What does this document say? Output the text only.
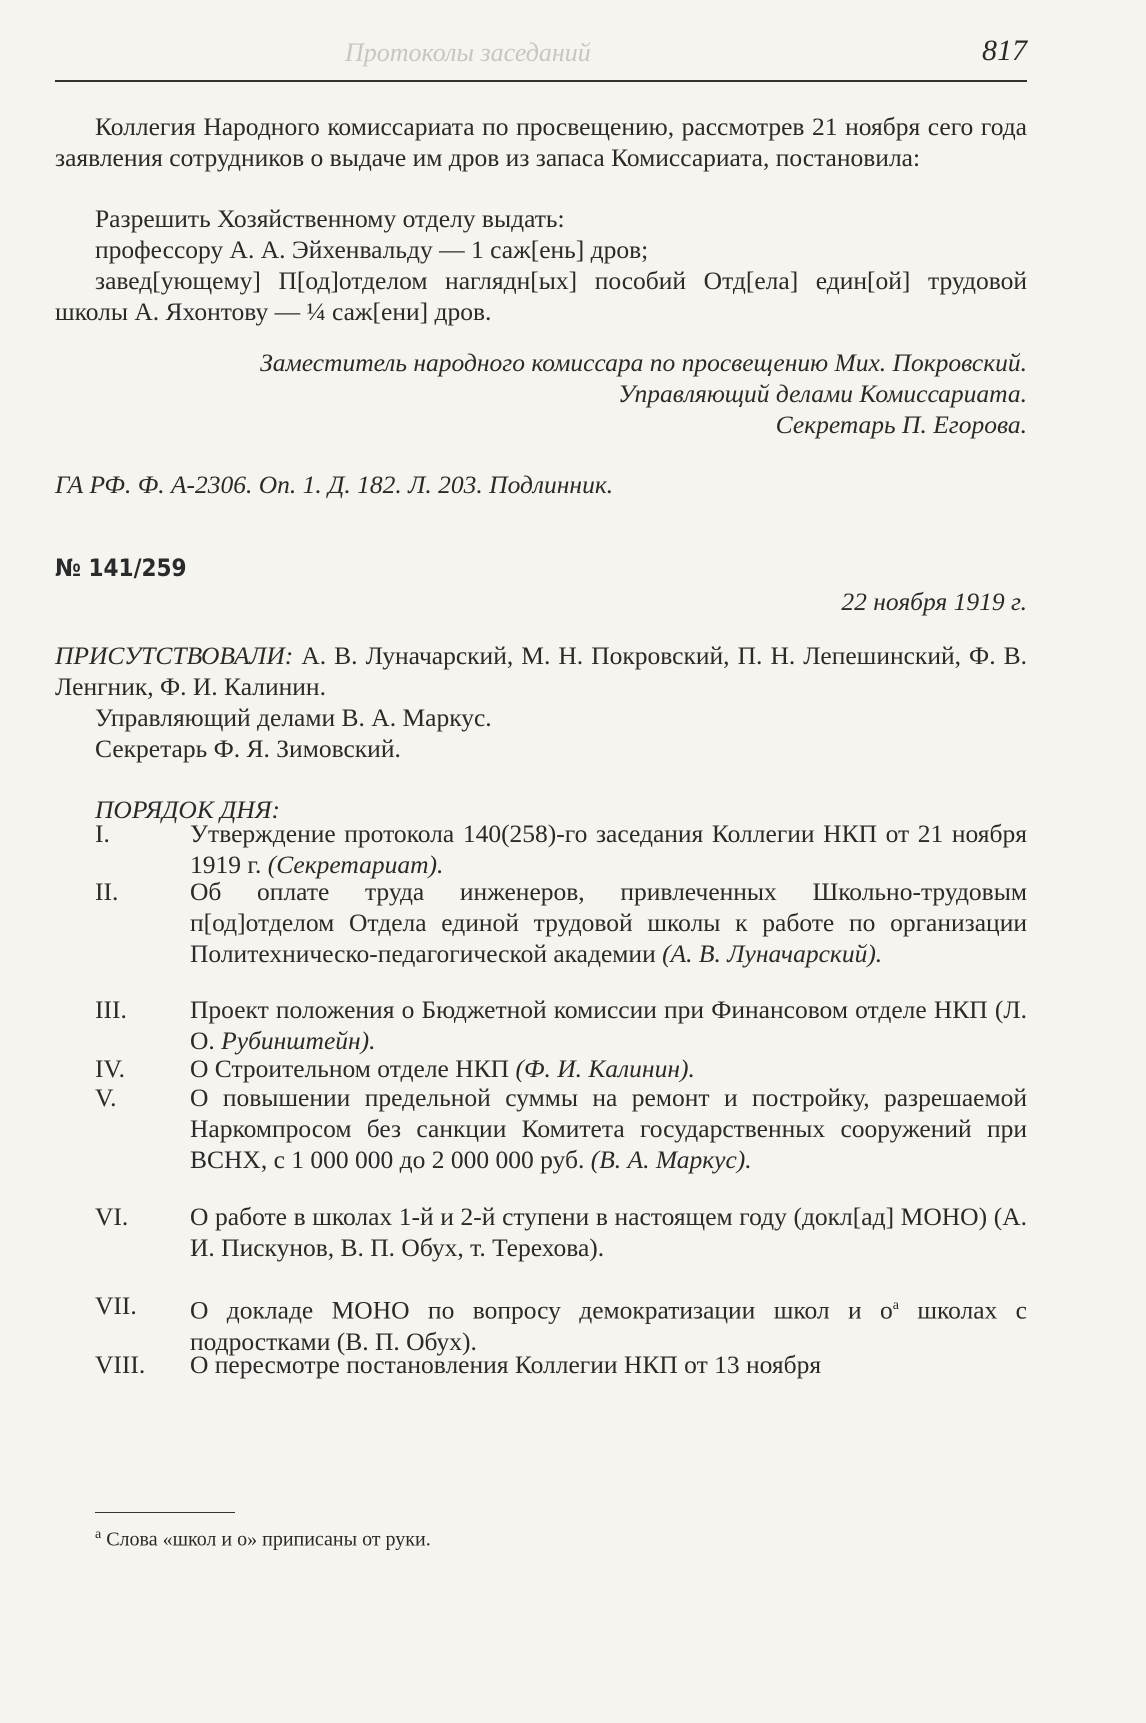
Протоколы заседаний	817

Коллегия Народного комиссариата по просвещению, рассмотрев 21 ноября сего года заявления сотрудников о выдаче им дров из запаса Комиссариата, постановила:

Разрешить Хозяйственному отделу выдать:
профессору А. А. Эйхенвальду — 1 саж[ень] дров;

завед[ующему] П[од]отделом наглядн[ых] пособий Отд[ела] един[ой] трудовой школы А. Яхонтову — ¼ саж[ени] дров.

Заместитель народного комиссара по просвещению Мих. Покровский.
Управляющий делами Комиссариата.
Секретарь П. Егорова.
ГА РФ. Ф. А-2306. Оп. 1. Д. 182. Л. 203. Подлинник.
№ 141/259
22 ноября 1919 г.

ПРИСУТСТВОВАЛИ: А. В. Луначарский, М. Н. Покровский, П. Н. Лепешинский, Ф. В. Ленгник, Ф. И. Калинин.

Управляющий делами В. А. Маркус.
Секретарь Ф. Я. Зимовский.
ПОРЯДОК ДНЯ:
I.	Утверждение протокола 140(258)-го заседания Коллегии НКП от 21 ноября 1919 г. (Секретариат).
II.	Об оплате труда инженеров, привлеченных Школьно-трудовым п[од]отделом Отдела единой трудовой школы к работе по организации Политехническо-педагогической академии (А. В. Луначарский).
III.	Проект положения о Бюджетной комиссии при Финансовом отделе НКП (Л. О. Рубинштейн).
IV.	О Строительном отделе НКП (Ф. И. Калинин).
V.	О повышении предельной суммы на ремонт и постройку, разрешаемой Наркомпросом без санкции Комитета государственных сооружений при ВСНХ, с 1 000 000 до 2 000 000 руб. (В. А. Маркус).
VI.	О работе в школах 1-й и 2-й ступени в настоящем году (докл[ад] МОНО) (А. И. Пискунов, В. П. Обух, т. Терехова).
VII.	О докладе МОНО по вопросу демократизации школ и $о^а$ школах с подростками (В. П. Обух).
VIII.	О пересмотре постановления Коллегии НКП от 13 ноября
$^а$ Слова «школ и о» приписаны от руки.
